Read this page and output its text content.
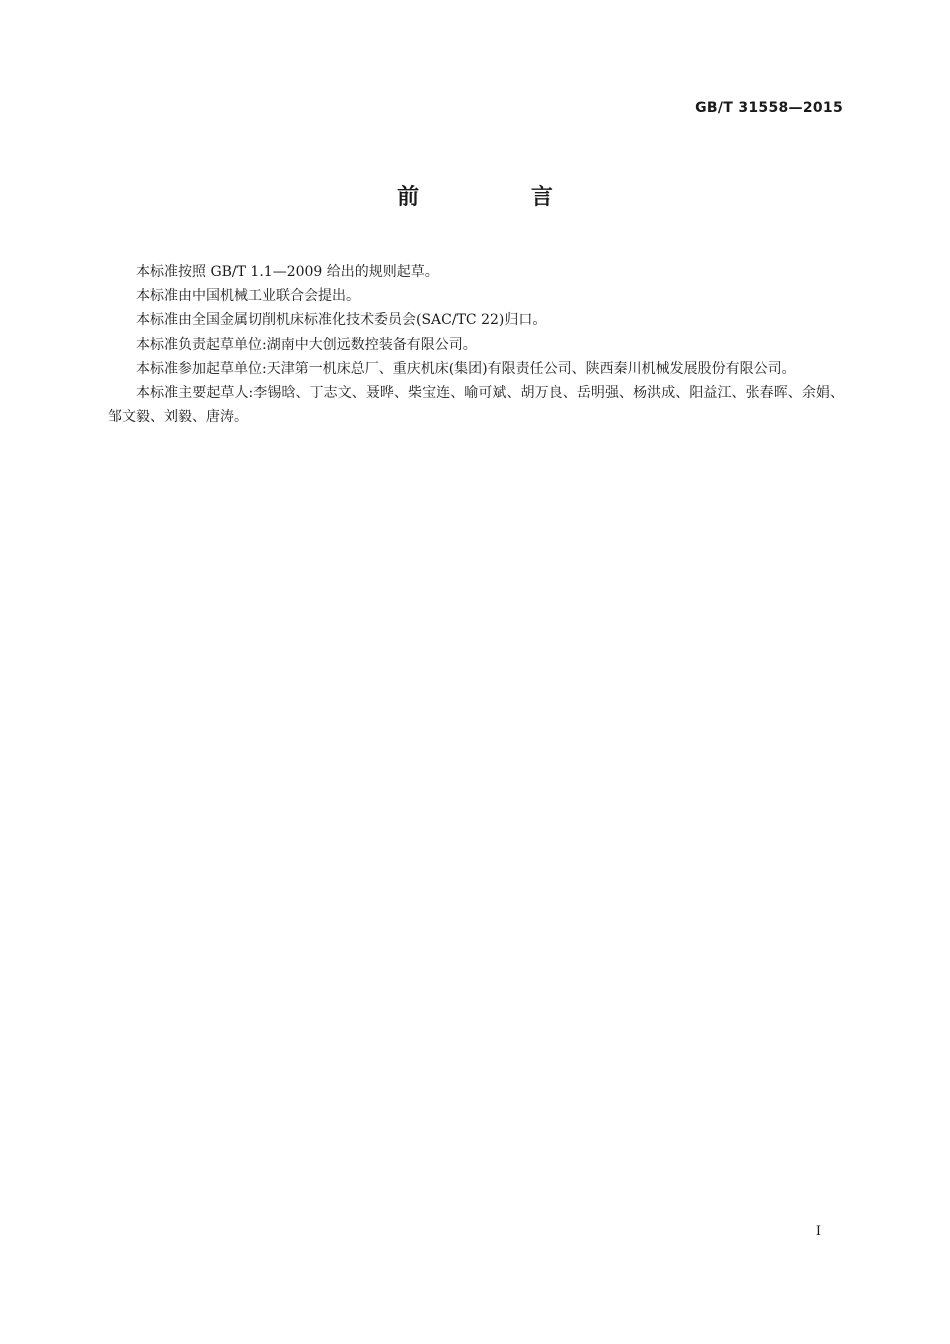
GB/T 31558—2015
前 言

本标准按照 GB/T 1.1—2009 给出的规则起草。

本标准由中国机械工业联合会提出。

本标准由全国金属切削机床标准化技术委员会(SAC/TC 22)归口。

本标准负责起草单位:湖南中大创远数控装备有限公司。

本标准参加起草单位:天津第一机床总厂、重庆机床(集团)有限责任公司、陕西秦川机械发展股份有限公司。

本标准主要起草人:李锡晗、丁志文、聂晔、柴宝连、喻可斌、胡万良、岳明强、杨洪成、阳益江、张春晖、余娟、邹文毅、刘毅、唐涛。

I
